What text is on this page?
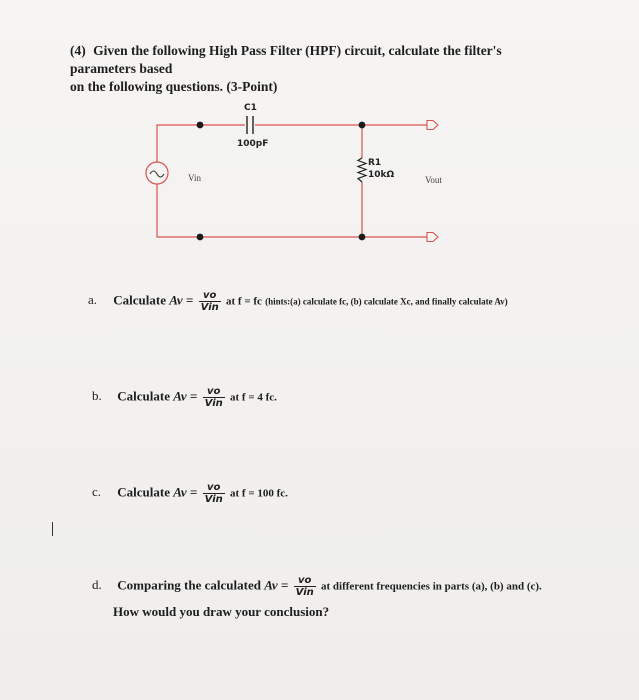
(4) Given the following High Pass Filter (HPF) circuit, calculate the filter's parameters based
on the following questions. (3-Point)
C1
100pF
Vin
R1
10kΩ	Vout
a. Calculate $Av = \frac{vo}{\text{Vin}}$ at f = fc (hints:(a) calculate fc, (b) calculate Xc, and finally calculate Av)
b. Calculate $Av = \frac{vo}{\text{Vin}}$ at f = 4 fc.
c. Calculate $Av = \frac{vo}{\text{Vin}}$ at f = 100 fc.
d. Comparing the calculated $Av = \frac{vo}{\text{Vin}}$ at different frequencies in parts (a), (b) and (c).
How would you draw your conclusion?
